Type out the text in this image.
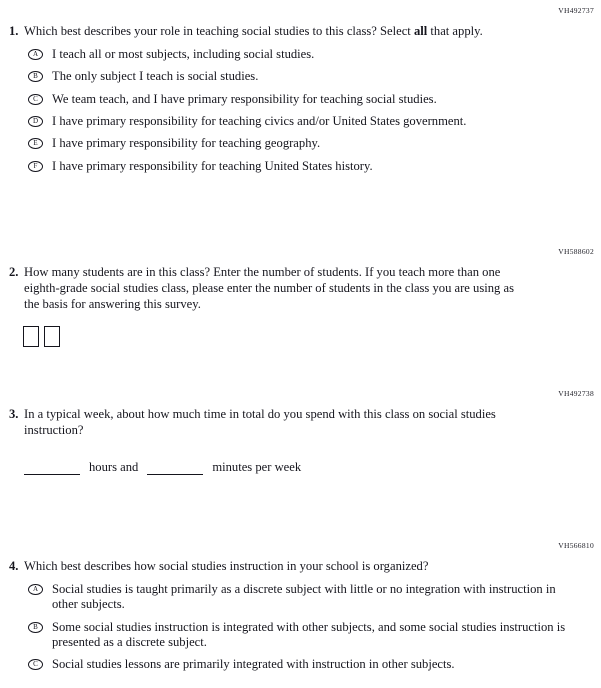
VH492737
1. Which best describes your role in teaching social studies to this class? Select all that apply.
A I teach all or most subjects, including social studies.
B The only subject I teach is social studies.
C We team teach, and I have primary responsibility for teaching social studies.
D I have primary responsibility for teaching civics and/or United States government.
E I have primary responsibility for teaching geography.
F I have primary responsibility for teaching United States history.
VH588602
2. How many students are in this class? Enter the number of students. If you teach more than one eighth-grade social studies class, please enter the number of students in the class you are using as the basis for answering this survey.
VH492738
3. In a typical week, about how much time in total do you spend with this class on social studies instruction?
hours and	minutes per week
VH566810
4. Which best describes how social studies instruction in your school is organized?
A Social studies is taught primarily as a discrete subject with little or no integration with instruction in other subjects.
B Some social studies instruction is integrated with other subjects, and some social studies instruction is presented as a discrete subject.
C Social studies lessons are primarily integrated with instruction in other subjects.
